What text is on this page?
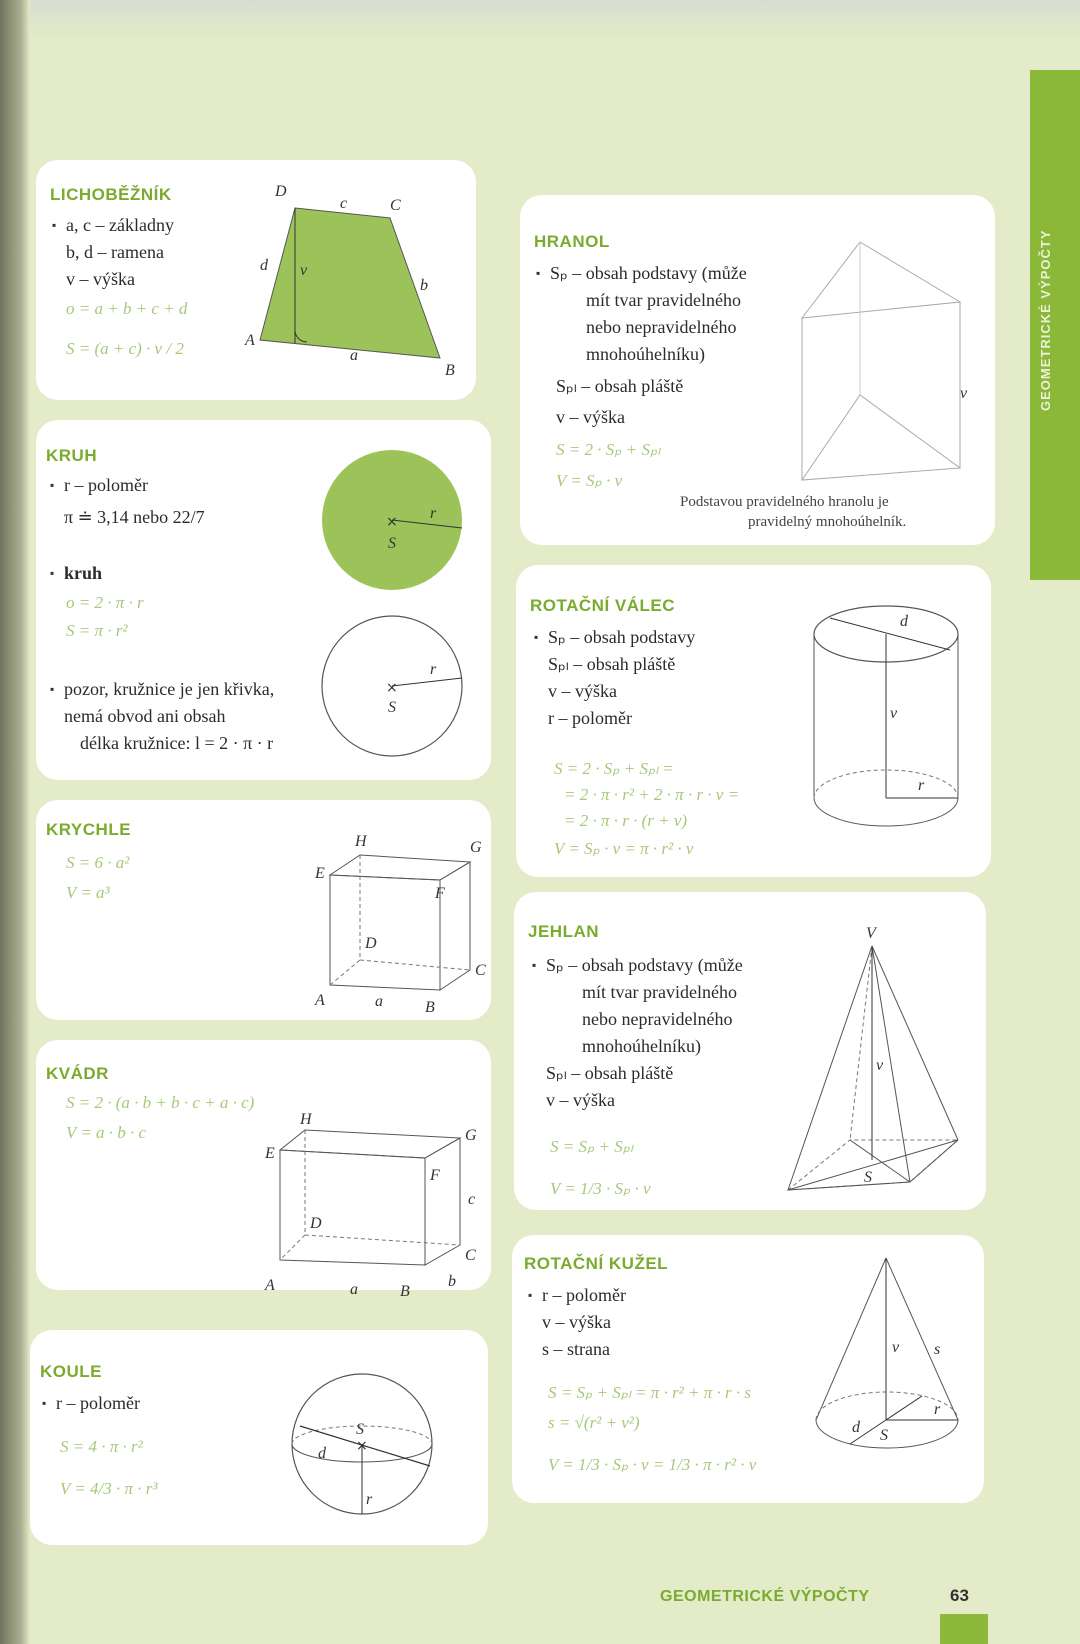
GEOMETRICKÉ VÝPOČTY
LICHOBĚŽNÍK
▪ a, c – základny
b, d – ramena
v – výška
o = a + b + c + d
S = (a + c) · v / 2
D
C
A
B
c
a
b
d v
KRUH
▪ r – poloměr
π ≐ 3,14 nebo 22/7
▪ kruh
o = 2 · π · r
S = π · r²
▪ pozor, kružnice je jen křivka,
nemá obvod ani obsah
délka kružnice: l = 2 · π · r
×
S
r
×
S
r
KRYCHLE
S = 6 · a²
V = a³
A	B
C
D
E
F
G
H
a
KVÁDR
S = 2 · (a · b + b · c + a · c)
V = a · b · c
A	B
C
D
E
F
G
H
a	b
c
KOULE
▪ r – poloměr
S = 4 · π · r²
V = 4/3 · π · r³
×
S
d
r
HRANOL
▪ Sₚ – obsah podstavy (může
mít tvar pravidelného
nebo nepravidelného
mnohoúhelníku)
Sₚₗ – obsah pláště
v – výška
S = 2 · Sₚ + Sₚₗ
V = Sₚ · v
v
Podstavou pravidelného hranolu je
pravidelný mnohoúhelník.
ROTAČNÍ VÁLEC
▪ Sₚ – obsah podstavy
Sₚₗ – obsah pláště
v – výška
r – poloměr
S = 2 · Sₚ + Sₚₗ =
= 2 · π · r² + 2 · π · r · v =
= 2 · π · r · (r + v)
V = Sₚ · v = π · r² · v
d
v
r
JEHLAN
▪ Sₚ – obsah podstavy (může
mít tvar pravidelného
nebo nepravidelného
mnohoúhelníku)
Sₚₗ – obsah pláště
v – výška
S = Sₚ + Sₚₗ
V = 1/3 · Sₚ · v
V
v
S
ROTAČNÍ KUŽEL
▪ r – poloměr
v – výška
s – strana
S = Sₚ + Sₚₗ = π · r² + π · r · s
s = √(r² + v²)
V = 1/3 · Sₚ · v = 1/3 · π · r² · v
v s
d S
r
GEOMETRICKÉ VÝPOČTY	63
